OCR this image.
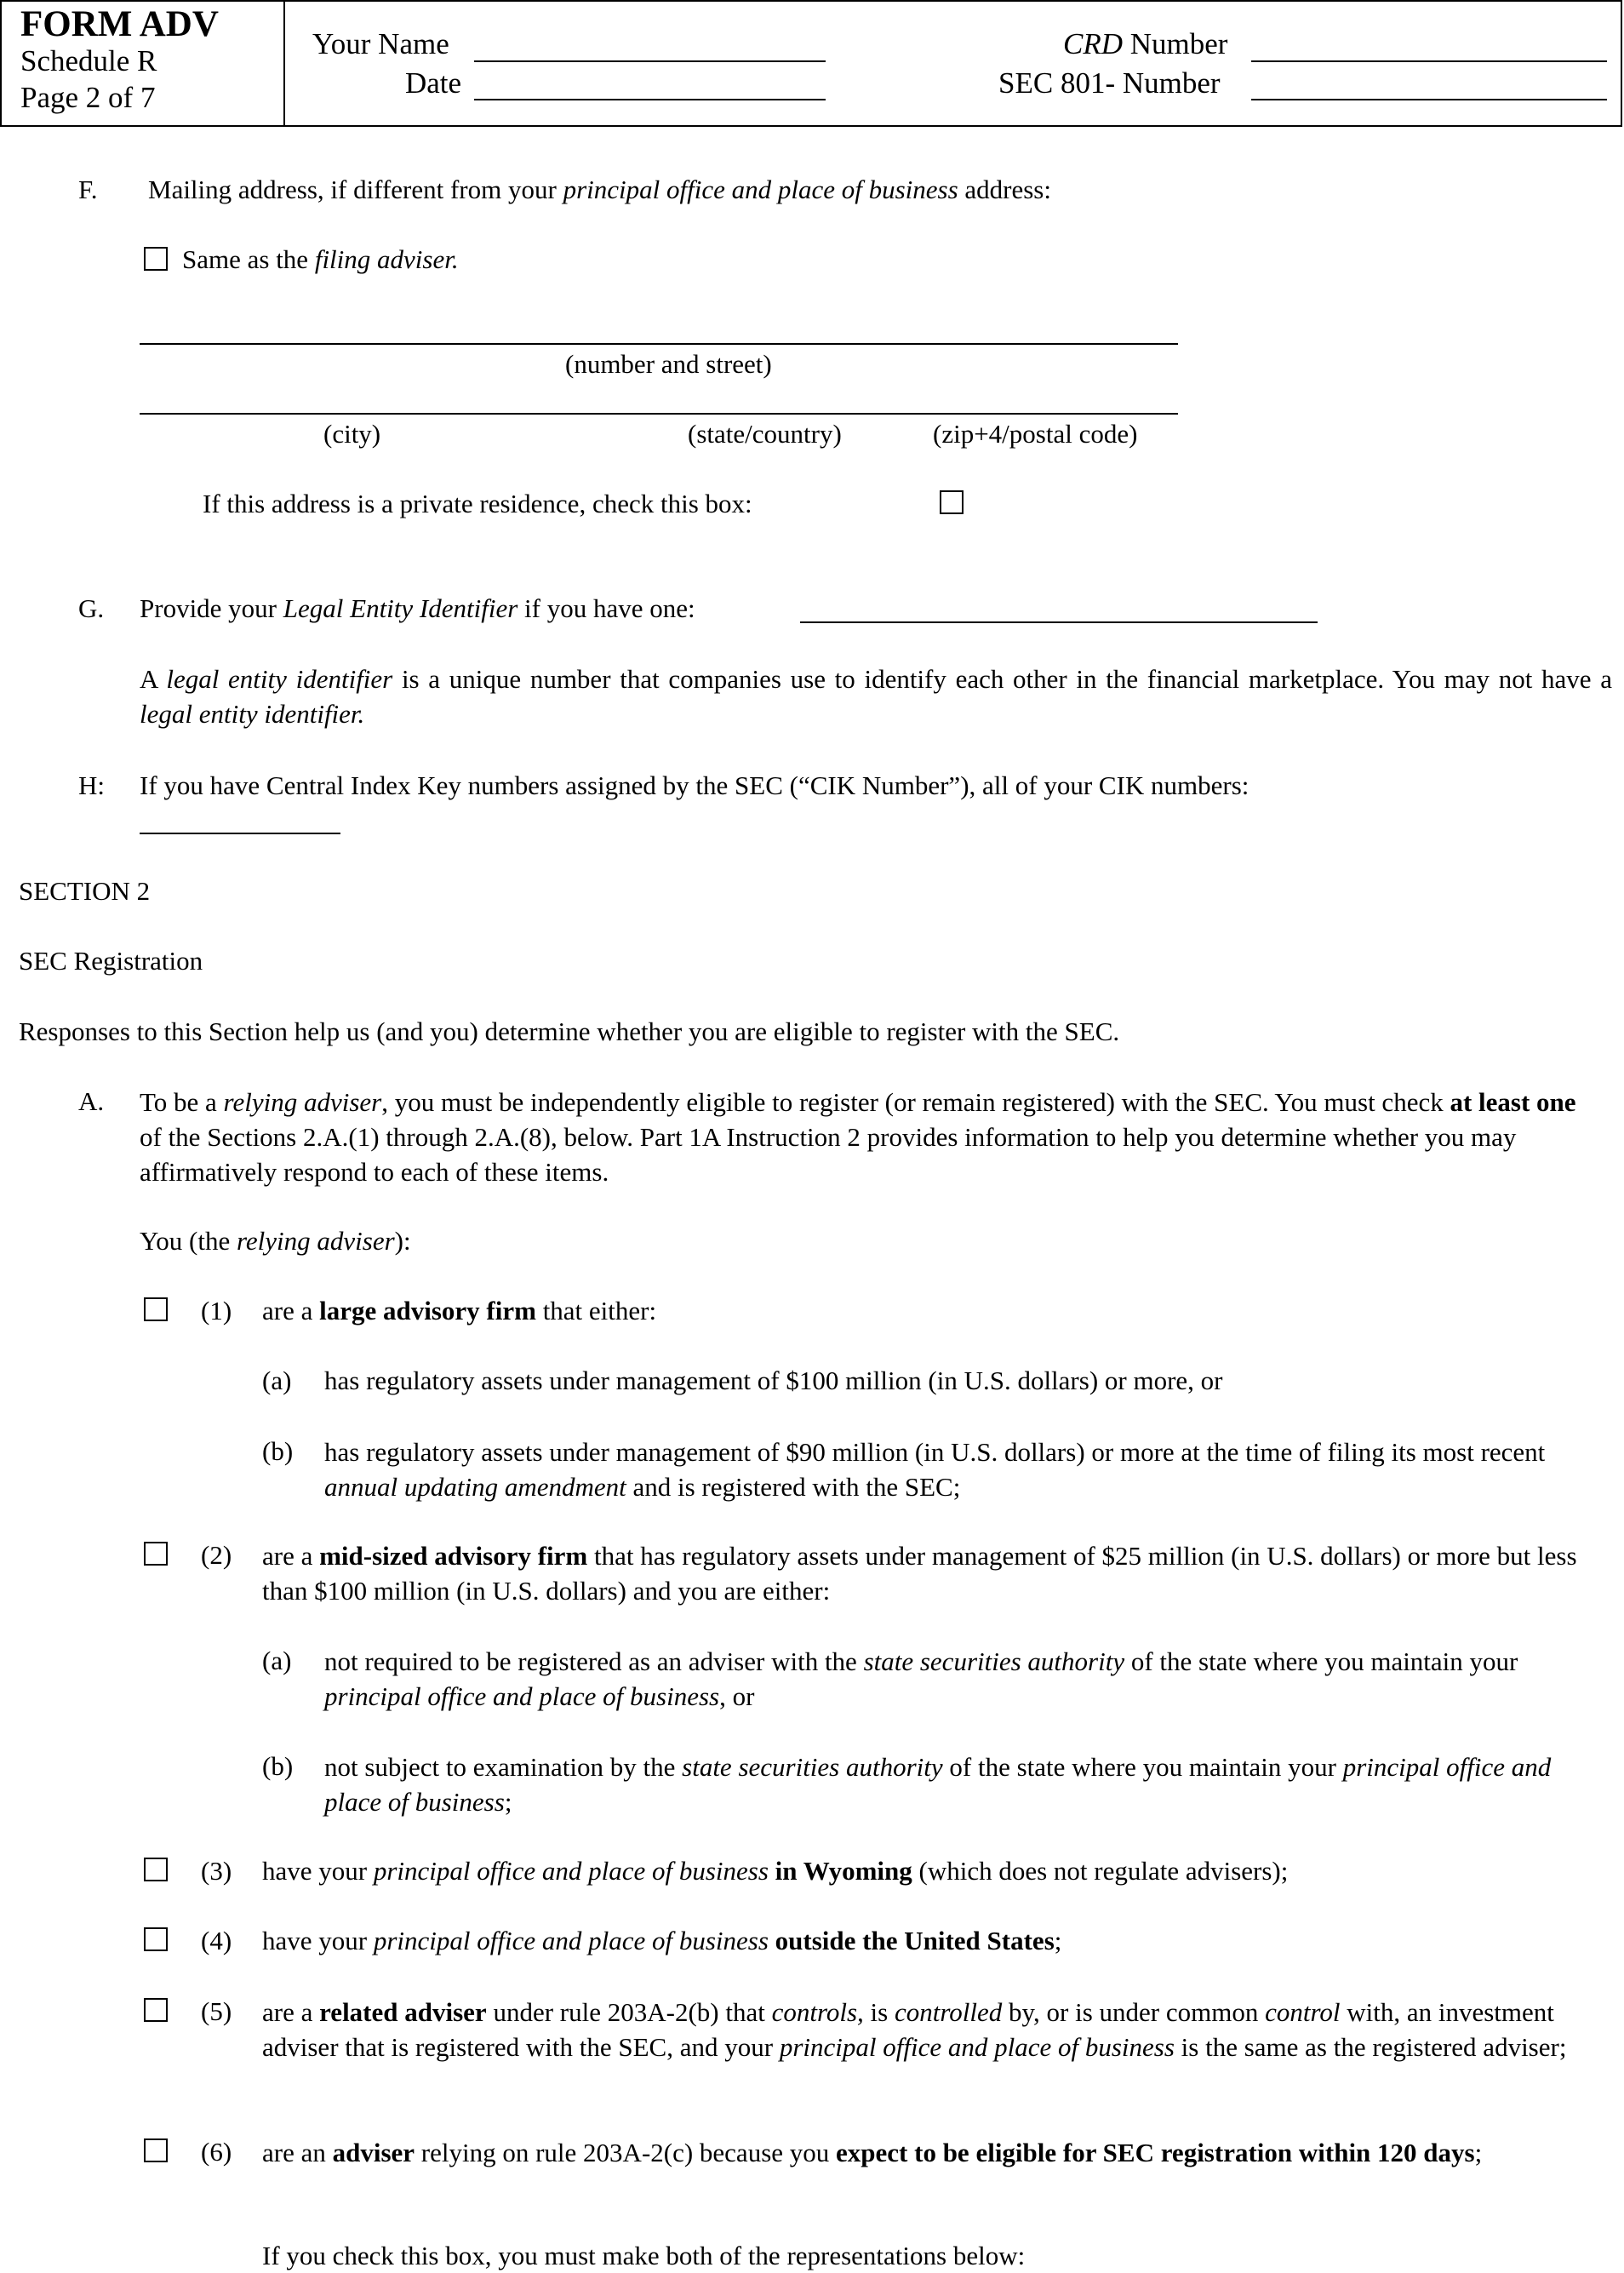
FORM ADV
Schedule R
Page 2 of 7
Your Name
Date
CRD Number
SEC 801- Number
F. Mailing address, if different from your principal office and place of business address:
Same as the filing adviser.
(number and street)
(city)	(state/country)	(zip+4/postal code)
If this address is a private residence, check this box:
G. Provide your Legal Entity Identifier if you have one:
A legal entity identifier is a unique number that companies use to identify each other in the financial marketplace. You may not have a legal entity identifier.
H: If you have Central Index Key numbers assigned by the SEC (“CIK Number”), all of your CIK numbers:
SECTION 2
SEC Registration
Responses to this Section help us (and you) determine whether you are eligible to register with the SEC.
A. To be a relying adviser, you must be independently eligible to register (or remain registered) with the SEC. You must check at least one of the Sections 2.A.(1) through 2.A.(8), below. Part 1A Instruction 2 provides information to help you determine whether you may affirmatively respond to each of these items.
You (the relying adviser):
(1) are a large advisory firm that either:
(a) has regulatory assets under management of $100 million (in U.S. dollars) or more, or
(b) has regulatory assets under management of $90 million (in U.S. dollars) or more at the time of filing its most recent annual updating amendment and is registered with the SEC;
(2) are a mid-sized advisory firm that has regulatory assets under management of $25 million (in U.S. dollars) or more but less than $100 million (in U.S. dollars) and you are either:
(a) not required to be registered as an adviser with the state securities authority of the state where you maintain your principal office and place of business, or
(b) not subject to examination by the state securities authority of the state where you maintain your principal office and place of business;
(3) have your principal office and place of business in Wyoming (which does not regulate advisers);
(4) have your principal office and place of business outside the United States;
(5) are a related adviser under rule 203A-2(b) that controls, is controlled by, or is under common control with, an investment adviser that is registered with the SEC, and your principal office and place of business is the same as the registered adviser;
(6) are an adviser relying on rule 203A-2(c) because you expect to be eligible for SEC registration within 120 days;
If you check this box, you must make both of the representations below:
